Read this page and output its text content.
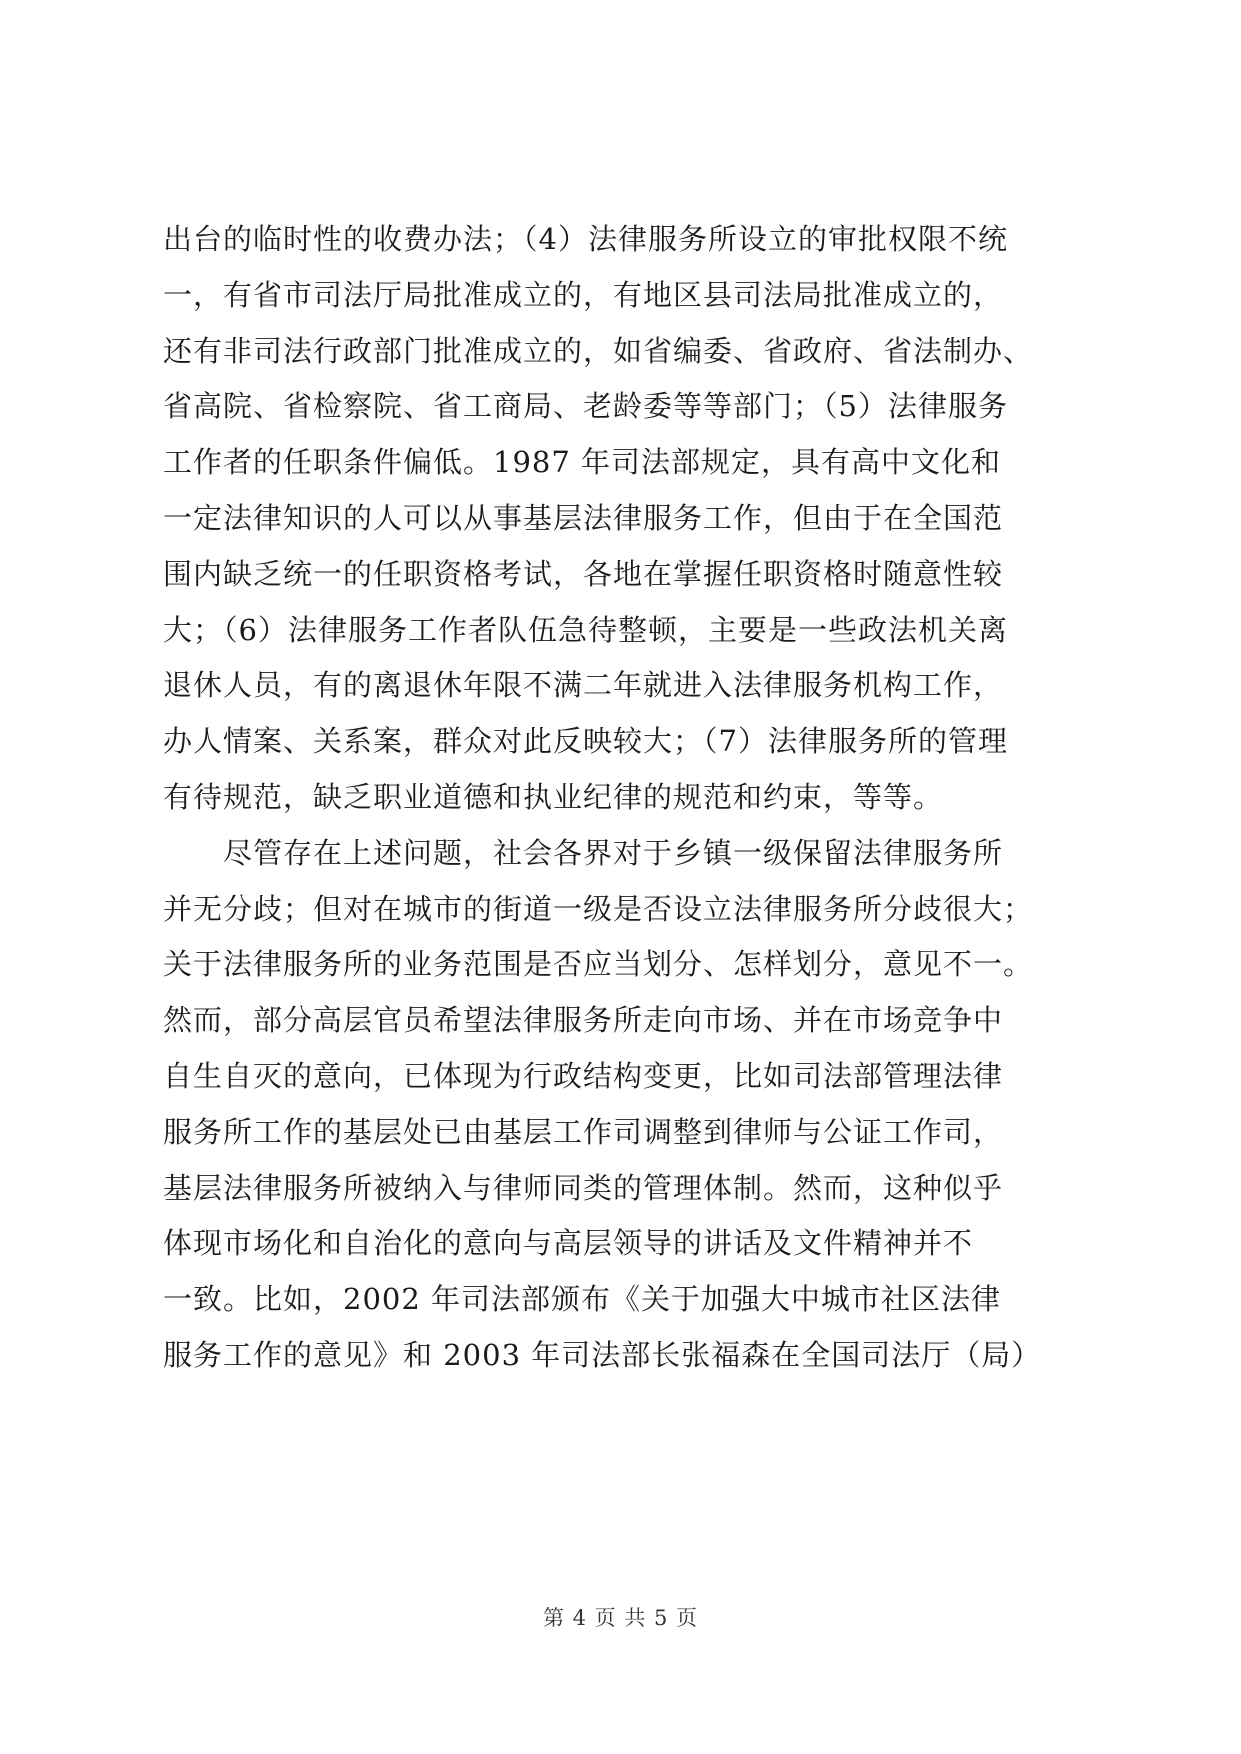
出台的临时性的收费办法；（4）法律服务所设立的审批权限不统
一，有省市司法厅局批准成立的，有地区县司法局批准成立的，
还有非司法行政部门批准成立的，如省编委、省政府、省法制办、
省高院、省检察院、省工商局、老龄委等等部门；（5）法律服务
工作者的任职条件偏低。1987 年司法部规定，具有高中文化和
一定法律知识的人可以从事基层法律服务工作，但由于在全国范
围内缺乏统一的任职资格考试，各地在掌握任职资格时随意性较
大；（6）法律服务工作者队伍急待整顿，主要是一些政法机关离
退休人员，有的离退休年限不满二年就进入法律服务机构工作，
办人情案、关系案，群众对此反映较大；（7）法律服务所的管理
有待规范，缺乏职业道德和执业纪律的规范和约束，等等。
尽管存在上述问题，社会各界对于乡镇一级保留法律服务所
并无分歧；但对在城市的街道一级是否设立法律服务所分歧很大；
关于法律服务所的业务范围是否应当划分、怎样划分，意见不一。
然而，部分高层官员希望法律服务所走向市场、并在市场竞争中
自生自灭的意向，已体现为行政结构变更，比如司法部管理法律
服务所工作的基层处已由基层工作司调整到律师与公证工作司，
基层法律服务所被纳入与律师同类的管理体制。然而，这种似乎
体现市场化和自治化的意向与高层领导的讲话及文件精神并不
一致。比如，2002 年司法部颁布《关于加强大中城市社区法律
服务工作的意见》和 2003 年司法部长张福森在全国司法厅（局）
第 4 页 共 5 页
